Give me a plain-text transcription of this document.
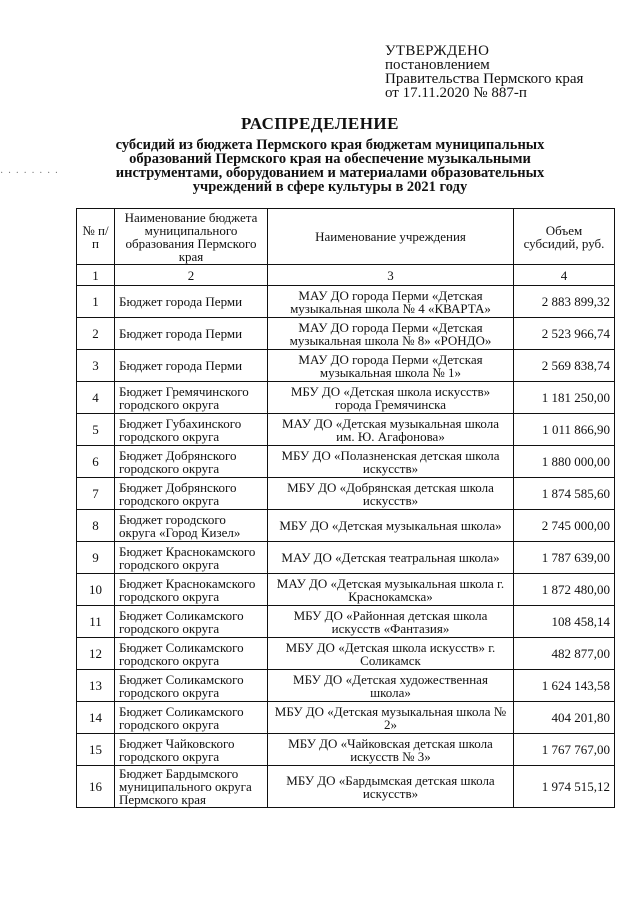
УТВЕРЖДЕНО
постановлением
Правительства Пермского края
от 17.11.2020 № 887-п
РАСПРЕДЕЛЕНИЕ
субсидий из бюджета Пермского края бюджетам муниципальных
образований Пермского края на обеспечение музыкальными
инструментами, оборудованием и материалами образовательных
учреждений в сфере культуры в 2021 году
· · · · · · · ·
№ п/п	Наименование бюджета муниципального образования Пермского края	Наименование учреждения	Объем субсидий, руб.
1	2	3	4
1	Бюджет города Перми	МАУ ДО города Перми «Детская музыкальная школа № 4 «КВАРТА»	2 883 899,32
2	Бюджет города Перми	МАУ ДО города Перми «Детская музыкальная школа № 8» «РОНДО»	2 523 966,74
3	Бюджет города Перми	МАУ ДО города Перми «Детская музыкальная школа № 1»	2 569 838,74
4	Бюджет Гремячинского городского округа	МБУ ДО «Детская школа искусств» города Гремячинска	1 181 250,00
5	Бюджет Губахинского городского округа	МАУ ДО «Детская музыкальная школа им. Ю. Агафонова»	1 011 866,90
6	Бюджет Добрянского городского округа	МБУ ДО «Полазненская детская школа искусств»	1 880 000,00
7	Бюджет Добрянского городского округа	МБУ ДО «Добрянская детская школа искусств»	1 874 585,60
8	Бюджет городского округа «Город Кизел»	МБУ ДО «Детская музыкальная школа»	2 745 000,00
9	Бюджет Краснокамского городского округа	МАУ ДО «Детская театральная школа»	1 787 639,00
10	Бюджет Краснокамского городского округа	МАУ ДО «Детская музыкальная школа г. Краснокамска»	1 872 480,00
11	Бюджет Соликамского городского округа	МБУ ДО «Районная детская школа искусств «Фантазия»	108 458,14
12	Бюджет Соликамского городского округа	МБУ ДО «Детская школа искусств» г. Соликамск	482 877,00
13	Бюджет Соликамского городского округа	МБУ ДО «Детская художественная школа»	1 624 143,58
14	Бюджет Соликамского городского округа	МБУ ДО «Детская музыкальная школа № 2»	404 201,80
15	Бюджет Чайковского городского округа	МБУ ДО «Чайковская детская школа искусств № 3»	1 767 767,00
16	Бюджет Бардымского муниципального округа Пермского края	МБУ ДО «Бардымская детская школа искусств»	1 974 515,12
